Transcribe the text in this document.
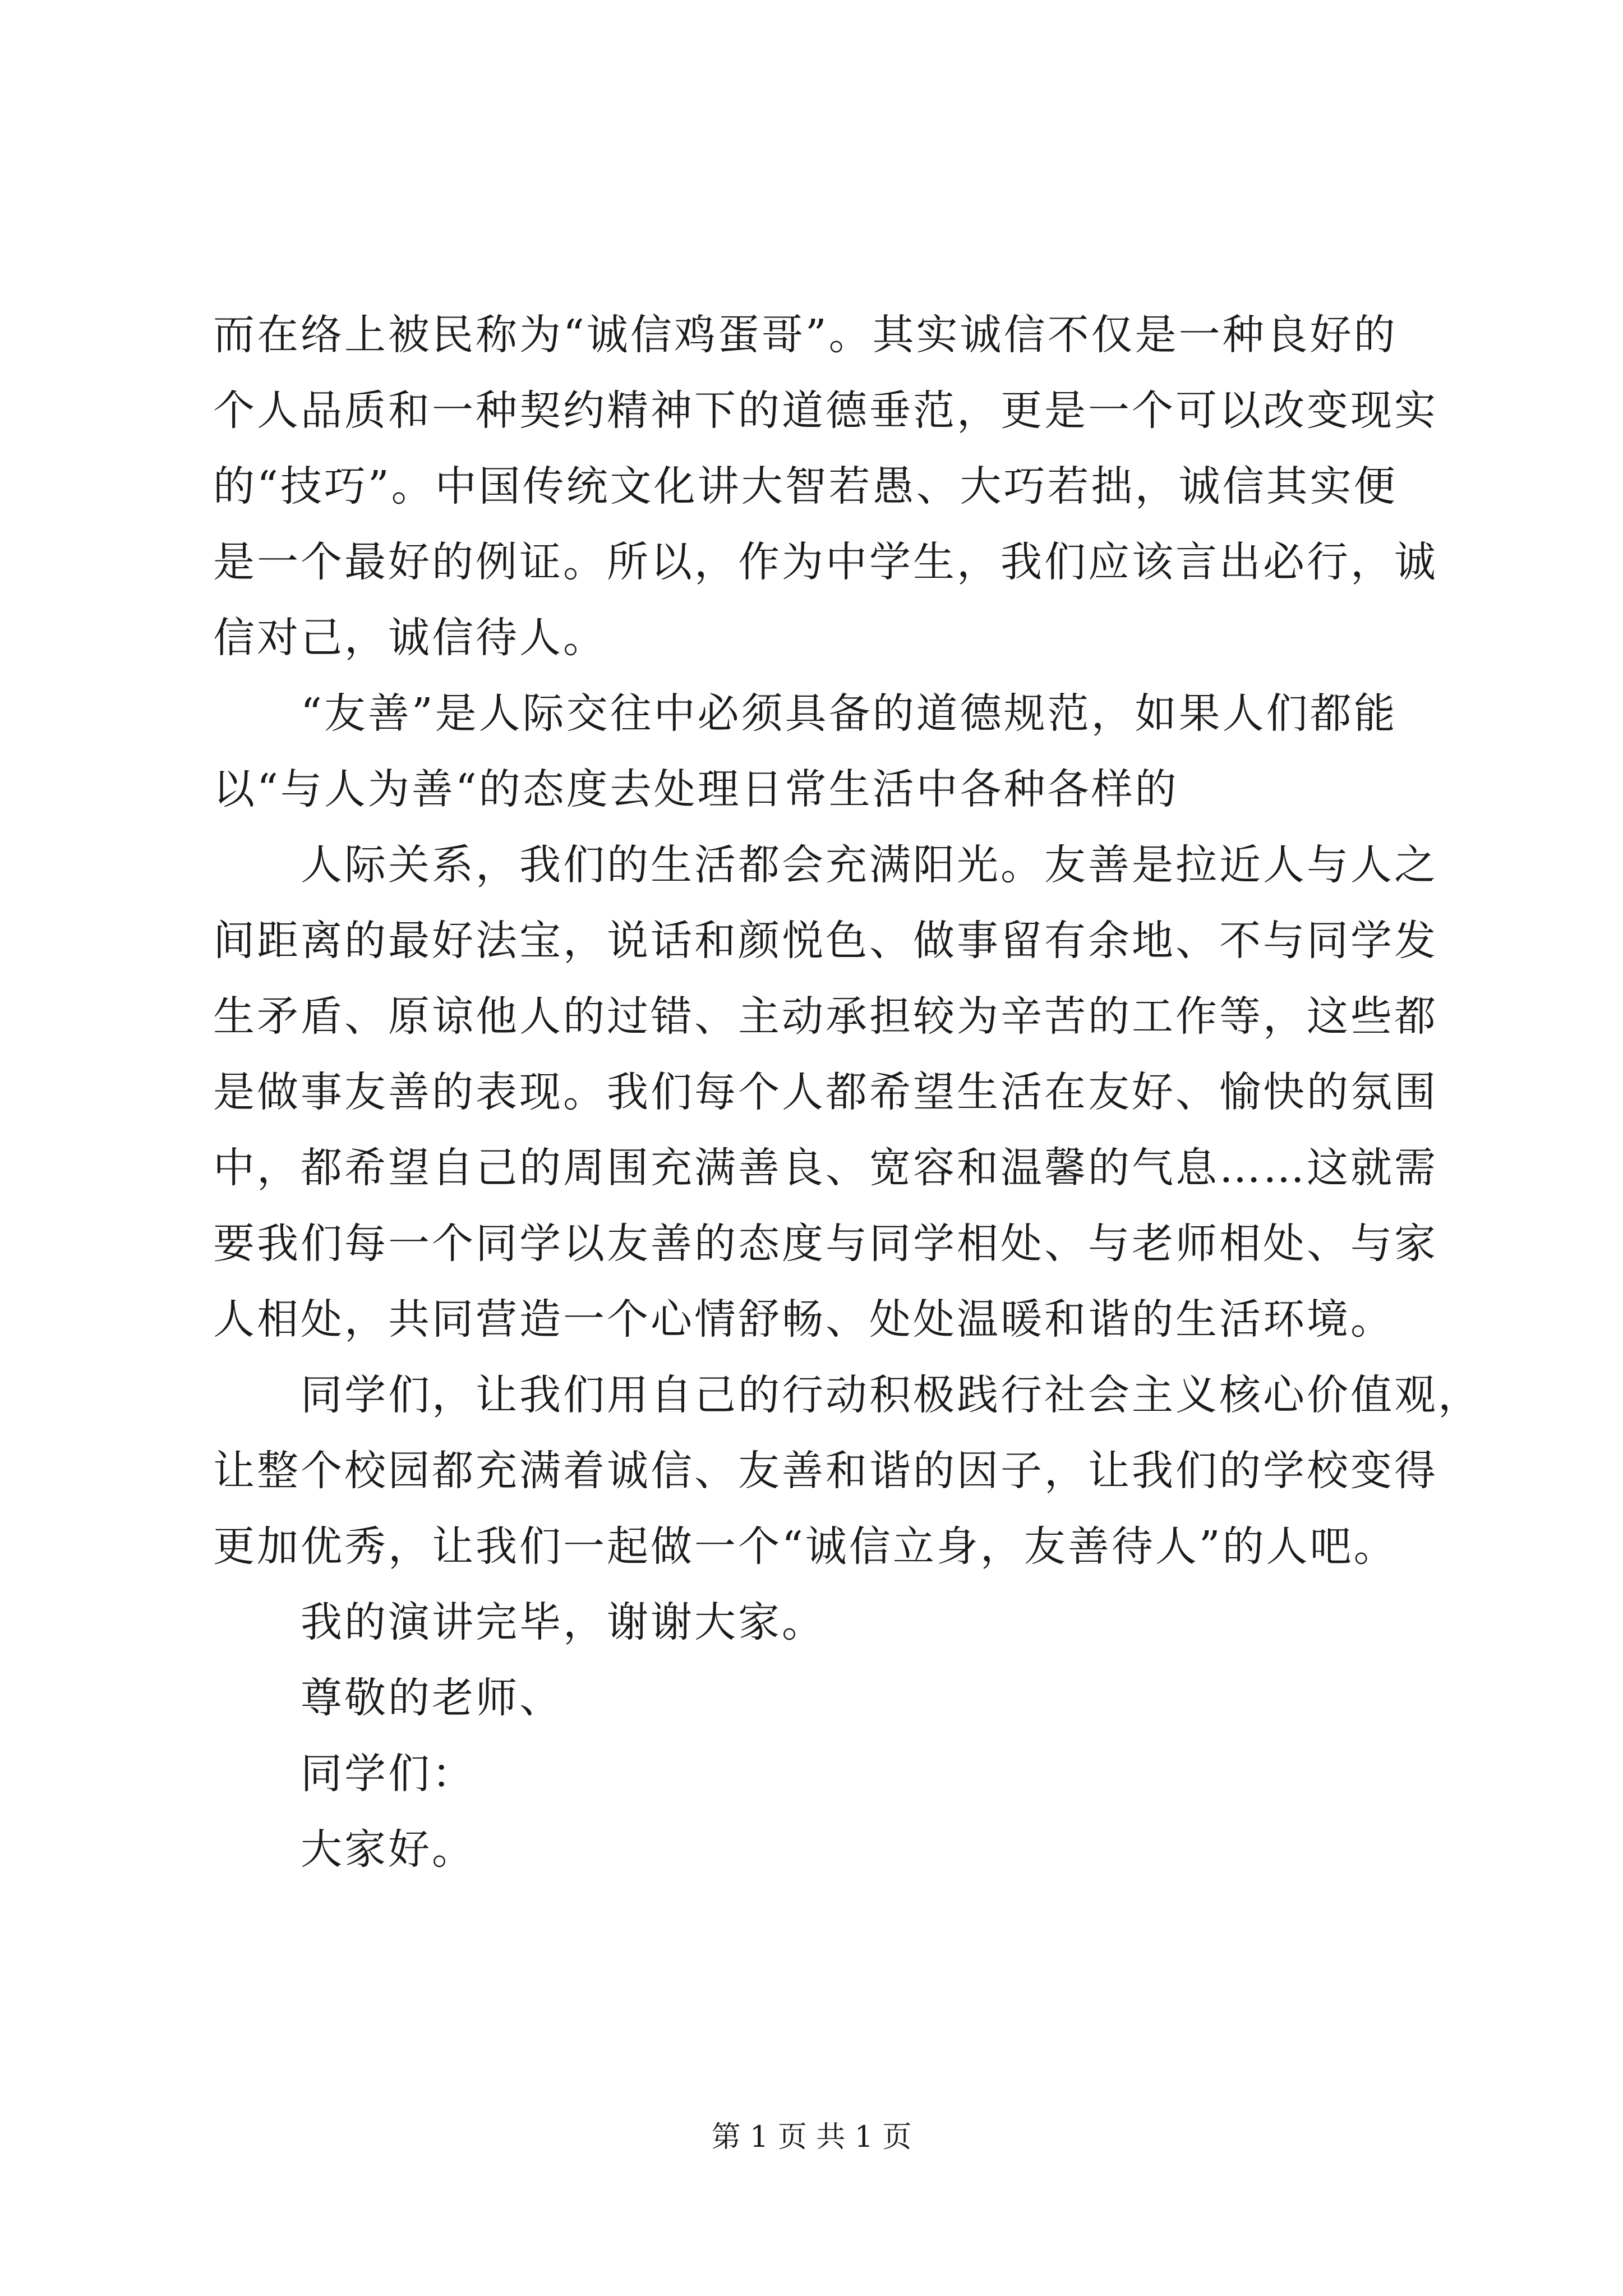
而在络上被民称为“诚信鸡蛋哥”。其实诚信不仅是一种良好的
个人品质和一种契约精神下的道德垂范，更是一个可以改变现实
的“技巧”。中国传统文化讲大智若愚、大巧若拙，诚信其实便
是一个最好的例证。所以，作为中学生，我们应该言出必行，诚
信对己，诚信待人。
“友善”是人际交往中必须具备的道德规范，如果人们都能
以“与人为善“的态度去处理日常生活中各种各样的
人际关系，我们的生活都会充满阳光。友善是拉近人与人之
间距离的最好法宝，说话和颜悦色、做事留有余地、不与同学发
生矛盾、原谅他人的过错、主动承担较为辛苦的工作等，这些都
是做事友善的表现。我们每个人都希望生活在友好、愉快的氛围
中，都希望自己的周围充满善良、宽容和温馨的气息……这就需
要我们每一个同学以友善的态度与同学相处、与老师相处、与家
人相处，共同营造一个心情舒畅、处处温暖和谐的生活环境。
同学们，让我们用自己的行动积极践行社会主义核心价值观，
让整个校园都充满着诚信、友善和谐的因子，让我们的学校变得
更加优秀，让我们一起做一个“诚信立身，友善待人”的人吧。
我的演讲完毕，谢谢大家。
尊敬的老师、
同学们：
大家好。
第 1 页 共 1 页
